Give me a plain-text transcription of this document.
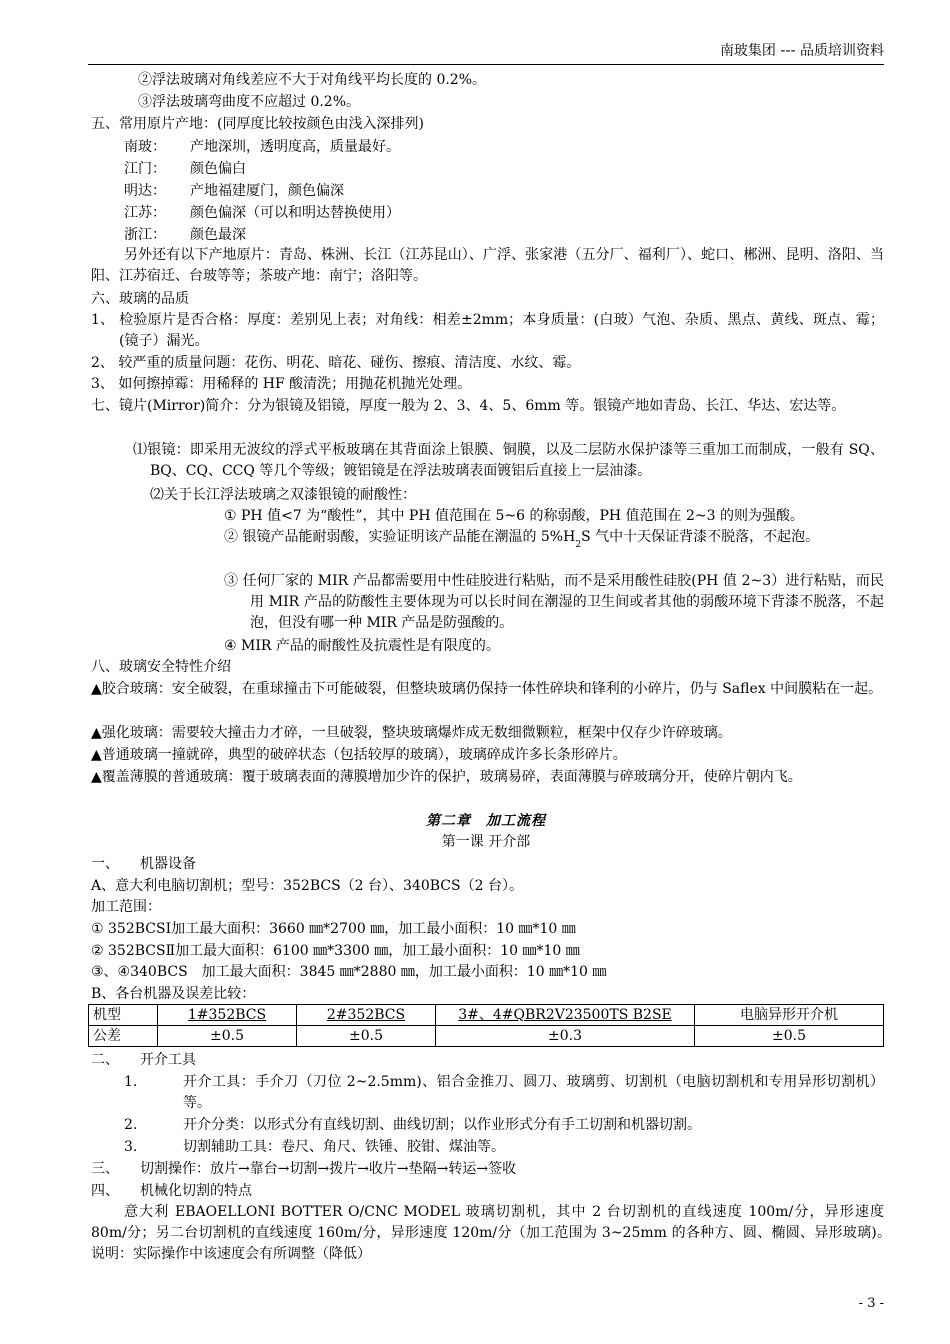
南玻集团 --- 品质培训资料
②浮法玻璃对角线差应不大于对角线平均长度的 0.2%。
③浮法玻璃弯曲度不应超过 0.2%。
五、常用原片产地：(同厚度比较按颜色由浅入深排列)
南玻： 产地深圳，透明度高，质量最好。
江门： 颜色偏白
明达： 产地福建厦门，颜色偏深
江苏： 颜色偏深（可以和明达替换使用）
浙江： 颜色最深
另外还有以下产地原片：青岛、株洲、长江（江苏昆山）、广浮、张家港（五分厂、福利厂）、蛇口、郴洲、昆明、洛阳、当阳、江苏宿迁、台玻等等；茶玻产地：南宁；洛阳等。
六、玻璃的品质
1、 检验原片是否合格：厚度：差别见上表；对角线：相差±2mm；本身质量：(白玻）气泡、杂质、黑点、黄线、斑点、霉；(镜子）漏光。
2、 较严重的质量问题：花伤、明花、暗花、碰伤、擦痕、清洁度、水纹、霉。
3、 如何擦掉霉：用稀释的 HF 酸清洗；用抛花机抛光处理。
七、镜片(Mirror)简介：分为银镜及铝镜，厚度一般为 2、3、4、5、6mm 等。银镜产地如青岛、长江、华达、宏达等。
⑴银镜：即采用无波纹的浮式平板玻璃在其背面涂上银膜、铜膜，以及二层防水保护漆等三重加工而制成，一般有 SQ、BQ、CQ、CCQ 等几个等级；镀铝镜是在浮法玻璃表面镀铝后直接上一层油漆。
⑵关于长江浮法玻璃之双漆银镜的耐酸性：
① PH 值<7 为“酸性”，其中 PH 值范围在 5~6 的称弱酸，PH 值范围在 2~3 的则为强酸。
② 银镜产品能耐弱酸，实验证明该产品能在潮温的 $5\%H_2S$ 气中十天保证背漆不脱落，不起泡。
③ 任何厂家的 MIR 产品都需要用中性硅胶进行粘贴，而不是采用酸性硅胶(PH 值 2~3）进行粘贴，而民用 MIR 产品的防酸性主要体现为可以长时间在潮湿的卫生间或者其他的弱酸环境下背漆不脱落，不起泡，但没有哪一种 MIR 产品是防强酸的。
④ MIR 产品的耐酸性及抗震性是有限度的。
八、玻璃安全特性介绍
▲胶合玻璃：安全破裂，在重球撞击下可能破裂，但整块玻璃仍保持一体性碎块和锋利的小碎片，仍与 Saflex 中间膜粘在一起。
▲强化玻璃：需要较大撞击力才碎，一旦破裂，整块玻璃爆炸成无数细微颗粒，框架中仅存少许碎玻璃。
▲普通玻璃一撞就碎，典型的破碎状态（包括较厚的玻璃），玻璃碎成许多长条形碎片。
▲覆盖薄膜的普通玻璃：覆于玻璃表面的薄膜增加少许的保护，玻璃易碎，表面薄膜与碎玻璃分开，使碎片朝内飞。
第二章　加工流程
第一课 开介部
一、　　机器设备
A、意大利电脑切割机；型号：352BCS（2 台）、340BCS（2 台）。
加工范围：
① 352BCSⅠ加工最大面积：3660 ㎜*2700 ㎜，加工最小面积：10 ㎜*10 ㎜
② 352BCSⅡ加工最大面积：6100 ㎜*3300 ㎜，加工最小面积：10 ㎜*10 ㎜
③、④340BCS　加工最大面积：3845 ㎜*2880 ㎜，加工最小面积：10 ㎜*10 ㎜
B、各台机器及误差比较：
机型	1#352BCS	2#352BCS	3#、4#QBR2V23500TS B2SE	电脑异形开介机
公差	±0.5	±0.5	±0.3	±0.5
二、　　开介工具
1.	开介工具：手介刀（刀位 2~2.5mm)、铝合金推刀、圆刀、玻璃剪、切割机（电脑切割机和专用异形切割机）等。
2.	开介分类：以形式分有直线切割、曲线切割；以作业形式分有手工切割和机器切割。
3.	切割辅助工具：卷尺、角尺、铁锤、胶钳、煤油等。
三、　　切割操作：放片→靠台→切割→拨片→收片→垫隔→转运→签收
四、　　机械化切割的特点
意大利 EBAOELLONI BOTTER O/CNC MODEL 玻璃切割机，其中 2 台切割机的直线速度 100m/分，异形速度 80m/分；另二台切割机的直线速度 160m/分，异形速度 120m/分（加工范围为 3~25mm 的各种方、圆、椭圆、异形玻璃)。　　说明：实际操作中该速度会有所调整（降低）
- 3 -
